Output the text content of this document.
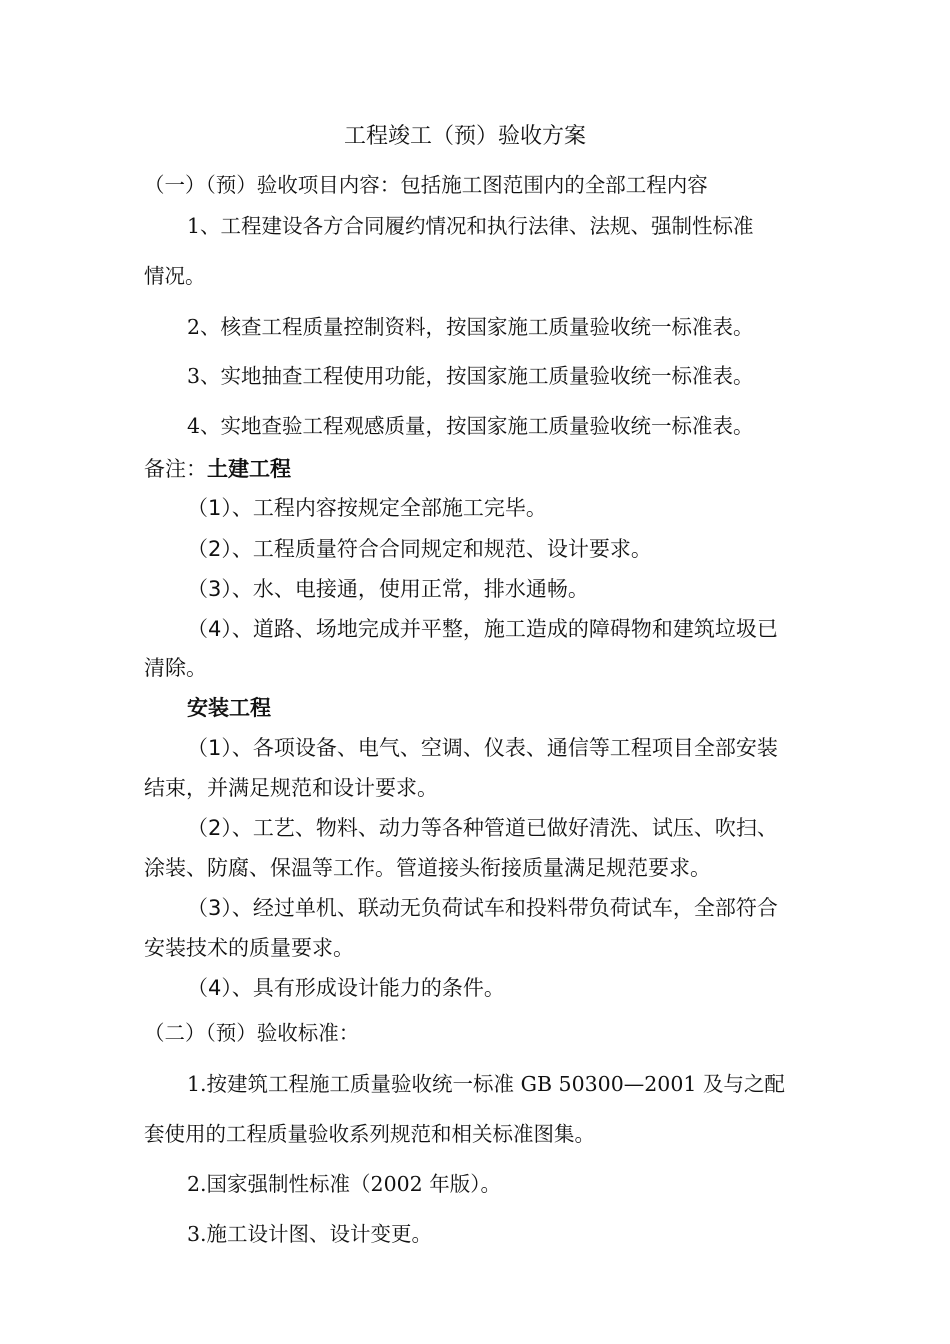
工程竣工（预）验收方案
（一）（预）验收项目内容：包括施工图范围内的全部工程内容
1、工程建设各方合同履约情况和执行法律、法规、强制性标准
情况。
2、核查工程质量控制资料，按国家施工质量验收统一标准表。
3、实地抽查工程使用功能，按国家施工质量验收统一标准表。
4、实地查验工程观感质量，按国家施工质量验收统一标准表。
备注：土建工程
（1）、工程内容按规定全部施工完毕。
（2）、工程质量符合合同规定和规范、设计要求。
（3）、水、电接通，使用正常，排水通畅。
（4）、道路、场地完成并平整，施工造成的障碍物和建筑垃圾已
清除。
安装工程
（1）、各项设备、电气、空调、仪表、通信等工程项目全部安装
结束，并满足规范和设计要求。
（2）、工艺、物料、动力等各种管道已做好清洗、试压、吹扫、
涂装、防腐、保温等工作。管道接头衔接质量满足规范要求。
（3）、经过单机、联动无负荷试车和投料带负荷试车，全部符合
安装技术的质量要求。
（4）、具有形成设计能力的条件。
（二）（预）验收标准：
1.按建筑工程施工质量验收统一标准 GB 50300—2001 及与之配
套使用的工程质量验收系列规范和相关标准图集。
2.国家强制性标准（2002 年版）。
3.施工设计图、设计变更。
